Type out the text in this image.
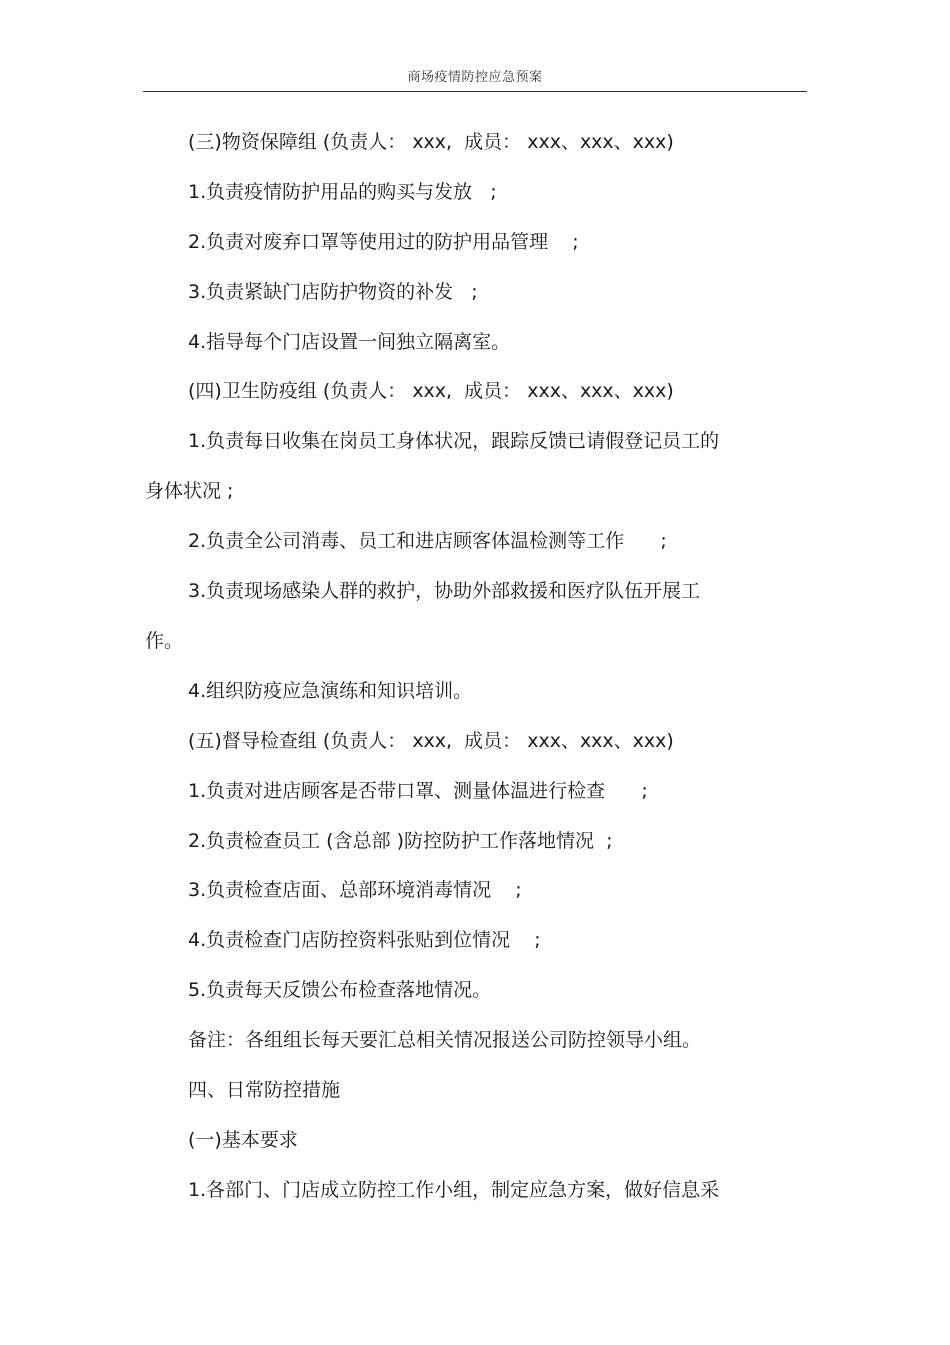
商场疫情防控应急预案
(三)物资保障组 (负责人： xxx,  成员： xxx、xxx、xxx)
1.负责疫情防护用品的购买与发放   ;
2.负责对废弃口罩等使用过的防护用品管理    ;
3.负责紧缺门店防护物资的补发   ;
4.指导每个门店设置一间独立隔离室。
(四)卫生防疫组 (负责人： xxx,  成员： xxx、xxx、xxx)
1.负责每日收集在岗员工身体状况，跟踪反馈已请假登记员工的
身体状况 ;
2.负责全公司消毒、员工和进店顾客体温检测等工作      ;
3.负责现场感染人群的救护，协助外部救援和医疗队伍开展工
作。
4.组织防疫应急演练和知识培训。
(五)督导检查组 (负责人： xxx,  成员： xxx、xxx、xxx)
1.负责对进店顾客是否带口罩、测量体温进行检查      ;
2.负责检查员工 (含总部 )防控防护工作落地情况  ;
3.负责检查店面、总部环境消毒情况    ;
4.负责检查门店防控资料张贴到位情况    ;
5.负责每天反馈公布检查落地情况。
备注：各组组长每天要汇总相关情况报送公司防控领导小组。
四、日常防控措施
(一)基本要求
1.各部门、门店成立防控工作小组，制定应急方案，做好信息采
